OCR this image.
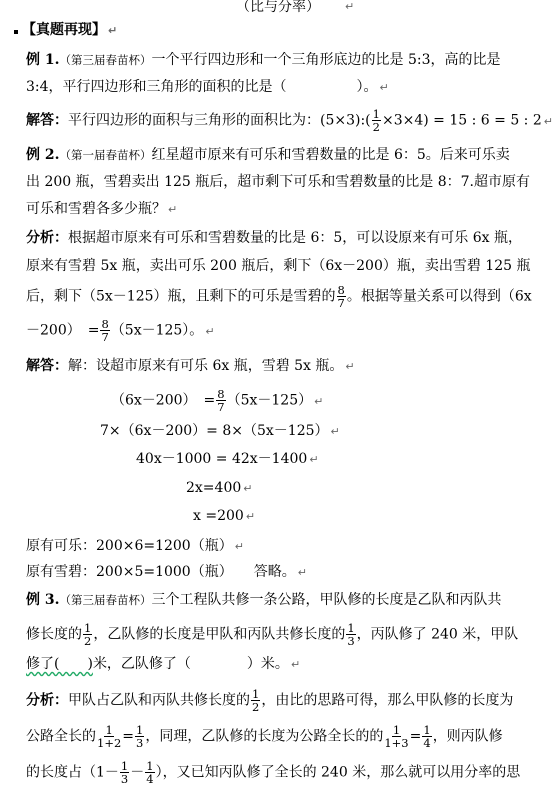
（比与分率） ↵
【真题再现】 ↵
例 1.（第三届春苗杯）一个平行四边形和一个三角形底边的比是 5:3，高的比是
3:4，平行四边形和三角形的面积的比是（　　　　　）。 ↵
解答：平行四边形的面积与三角形的面积比为：(5×3):( $\frac{1}{2} \times 3\times 4) = 15$ : 6 = 5 : 2 ↵
例 2.（第一届春苗杯）红星超市原来有可乐和雪碧数量的比是 6：5。后来可乐卖
出 200 瓶，雪碧卖出 125 瓶后，超市剩下可乐和雪碧数量的比是 8：7.超市原有
可乐和雪碧各多少瓶？ ↵
分析：根据超市原来有可乐和雪碧数量的比是 6：5，可以设原来有可乐 6x 瓶，
原来有雪碧 5x 瓶，卖出可乐 200 瓶后，剩下（6x－200）瓶，卖出雪碧 125 瓶
后，剩下（5x－125）瓶，且剩下的可乐是雪碧的 $\frac{8}{7}$ 。根据等量关系可以得到（6x
－200）　= $\frac{8}{7} (5x-125)$。 ↵
解答：解：设超市原来有可乐 6x 瓶，雪碧 5x 瓶。 ↵
（6x－200）　= $\frac{8}{7} (5x-125)$ ↵
7×（6x－200）= 8×（5x－125） ↵
40x－1000 = 42x－1400 ↵
2x=400 ↵
x =200 ↵
原有可乐：200×6=1200（瓶） ↵
原有雪碧：200×5=1000（瓶）　　答略。 ↵
例 3.（第三届春苗杯）三个工程队共修一条公路，甲队修的长度是乙队和丙队共
修长度的 $\frac{1}{2}$ ，乙队修的长度是甲队和丙队共修长度的 $\frac{1}{3}$ ，丙队修了 240 米，甲队
修了(　　)米，乙队修了（　　　　）米。 ↵
分析：甲队占乙队和丙队共修长度的 $\frac{1}{2}$ ，由比的思路可得，那么甲队修的长度为
公路全长的 $\frac{1}{1+2} = \frac{1}{3}$ ，同理，乙队修的长度为公路全长的的 $\frac{1}{1+3} = \frac{1}{4}$ ，则丙队修
的长度占（$1- \frac{1}{3} - \frac{1}{4}$ ），又已知丙队修了全长的 240 米，那么就可以用分率的思
